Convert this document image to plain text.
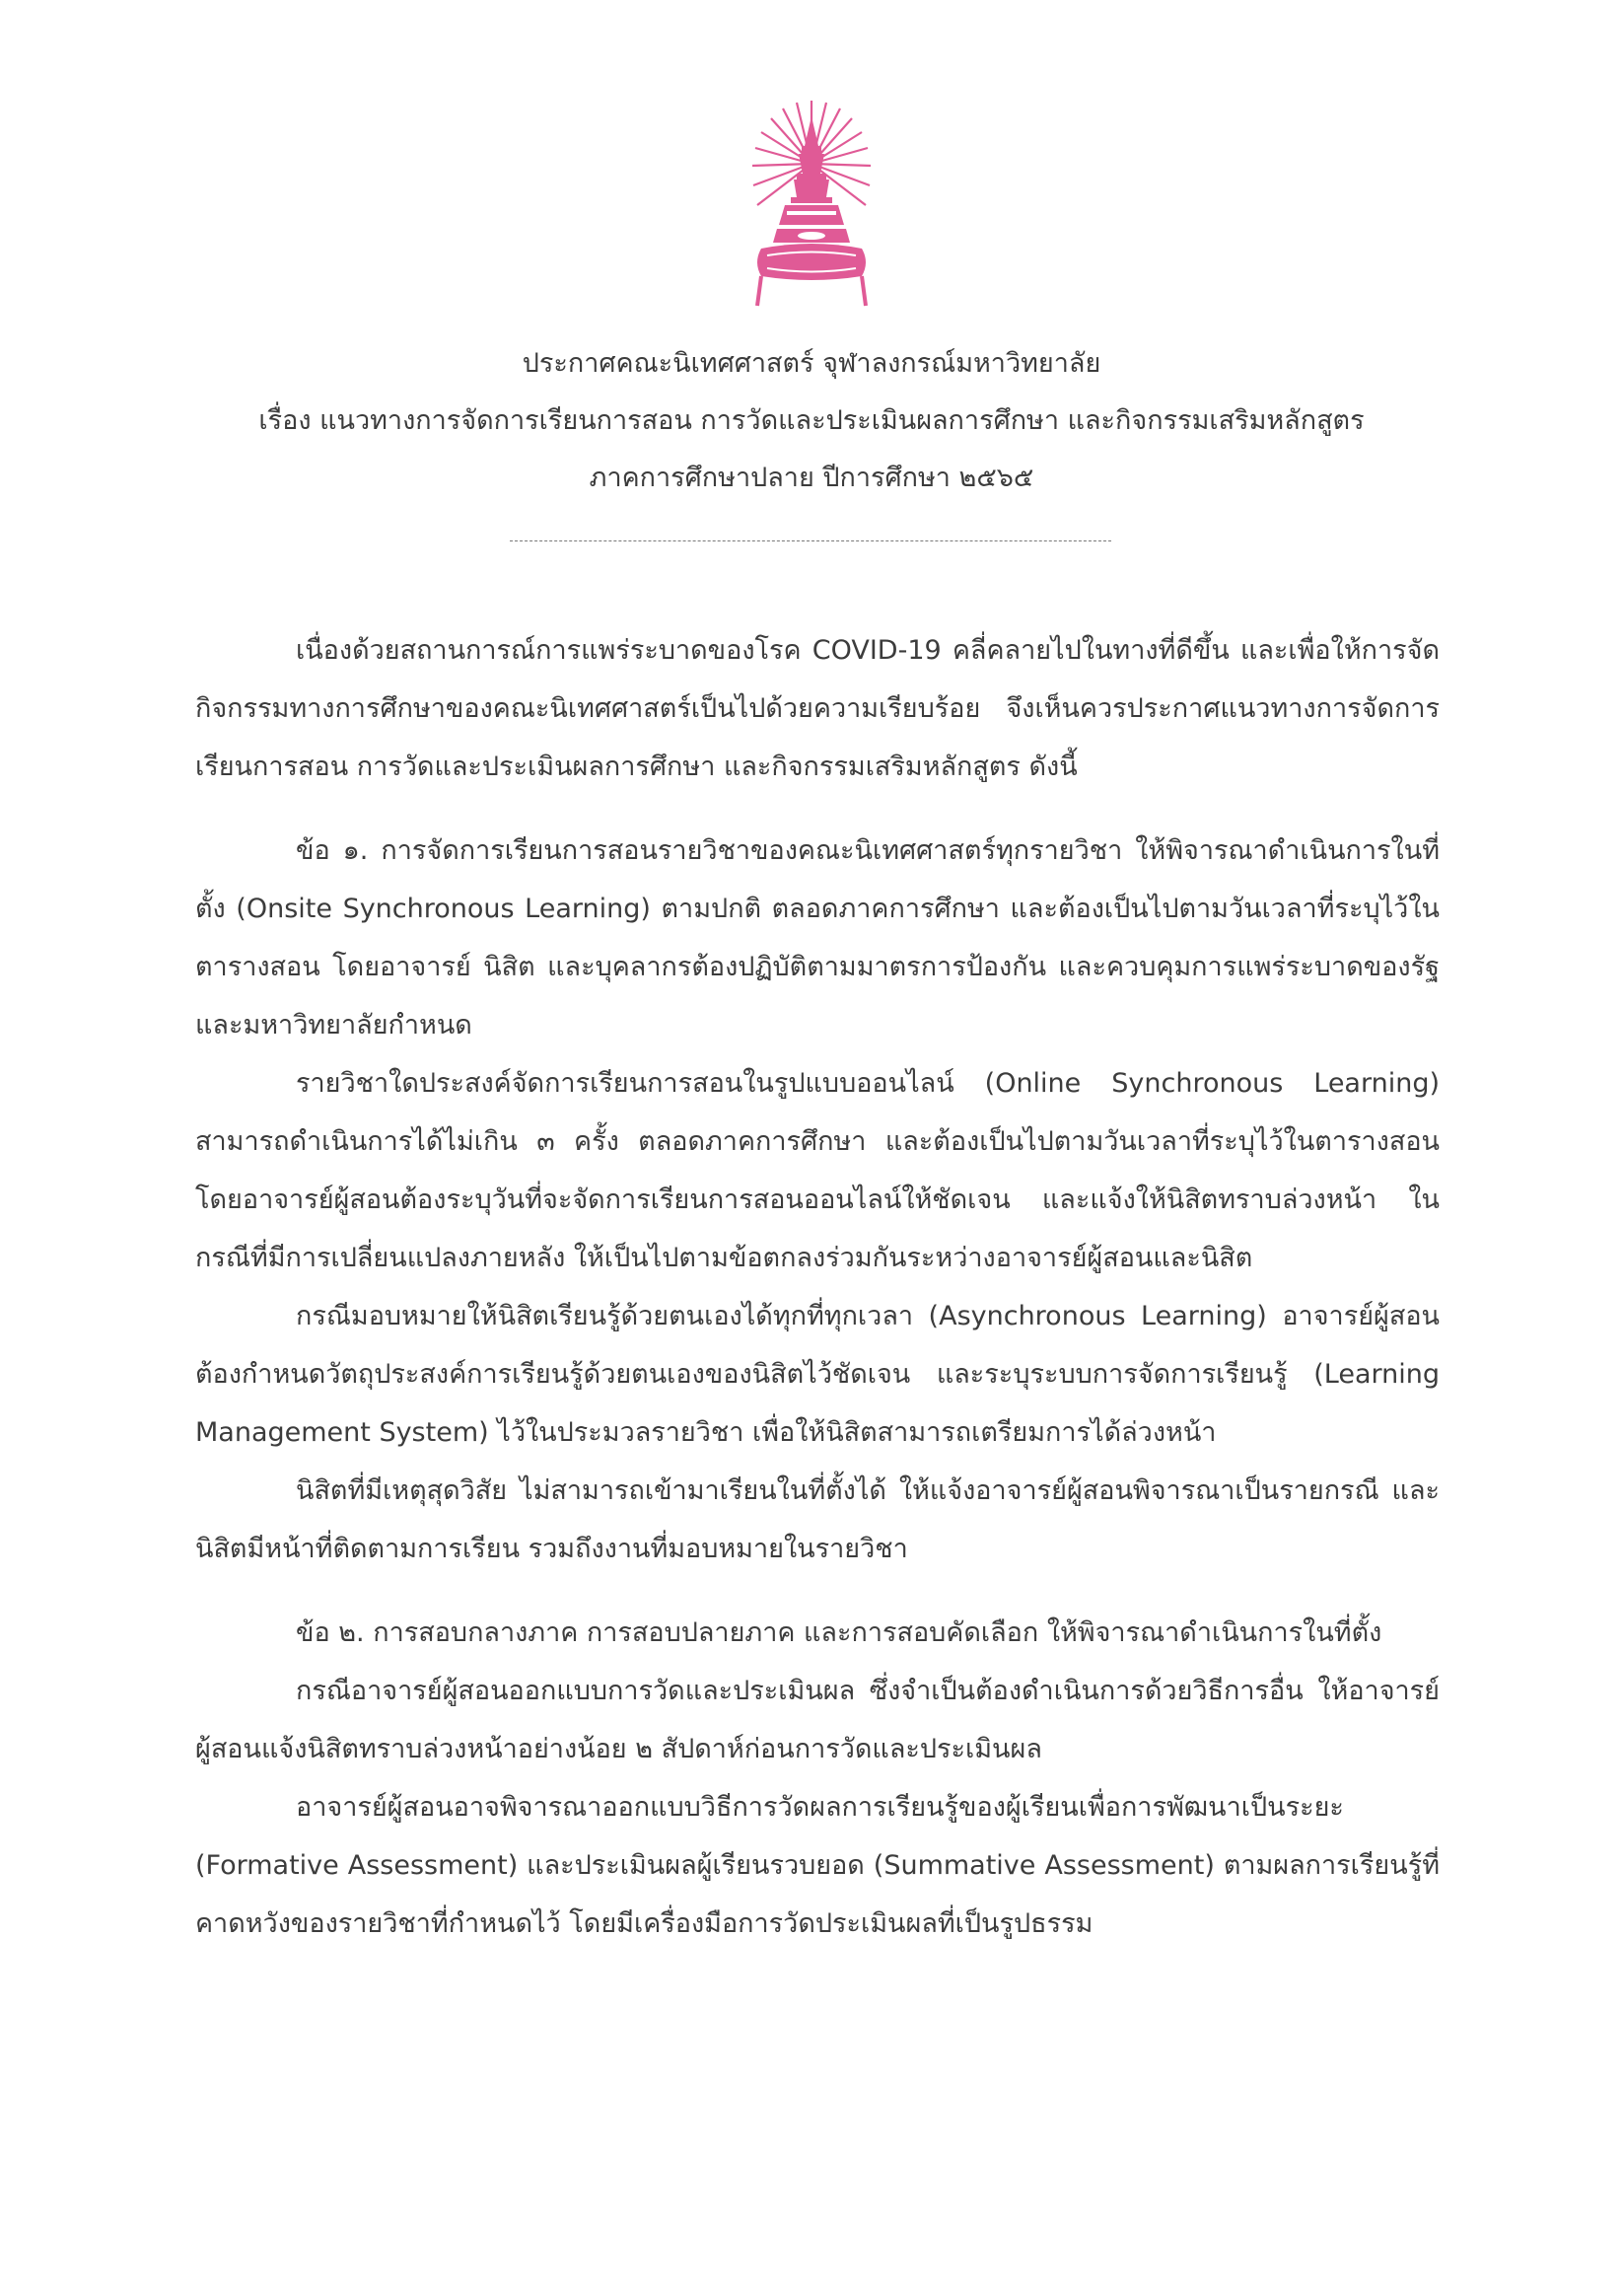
ประกาศคณะนิเทศศาสตร์ จุฬาลงกรณ์มหาวิทยาลัย
เรื่อง แนวทางการจัดการเรียนการสอน การวัดและประเมินผลการศึกษา และกิจกรรมเสริมหลักสูตร
ภาคการศึกษาปลาย ปีการศึกษา ๒๕๖๕

เนื่องด้วยสถานการณ์การแพร่ระบาดของโรค COVID-19 คลี่คลายไปในทางที่ดีขึ้น และเพื่อให้การจัดกิจกรรมทางการศึกษาของคณะนิเทศศาสตร์เป็นไปด้วยความเรียบร้อย จึงเห็นควรประกาศแนวทางการจัดการเรียนการสอน การวัดและประเมินผลการศึกษา และกิจกรรมเสริมหลักสูตร ดังนี้

ข้อ ๑. การจัดการเรียนการสอนรายวิชาของคณะนิเทศศาสตร์ทุกรายวิชา ให้พิจารณาดำเนินการในที่ตั้ง (Onsite Synchronous Learning) ตามปกติ ตลอดภาคการศึกษา และต้องเป็นไปตามวันเวลาที่ระบุไว้ในตารางสอน โดยอาจารย์ นิสิต และบุคลากรต้องปฏิบัติตามมาตรการป้องกัน และควบคุมการแพร่ระบาดของรัฐ และมหาวิทยาลัยกำหนด

รายวิชาใดประสงค์จัดการเรียนการสอนในรูปแบบออนไลน์ (Online Synchronous Learning) สามารถดำเนินการได้ไม่เกิน ๓ ครั้ง ตลอดภาคการศึกษา และต้องเป็นไปตามวันเวลาที่ระบุไว้ในตารางสอน โดยอาจารย์ผู้สอนต้องระบุวันที่จะจัดการเรียนการสอนออนไลน์ให้ชัดเจน และแจ้งให้นิสิตทราบล่วงหน้า ในกรณีที่มีการเปลี่ยนแปลงภายหลัง ให้เป็นไปตามข้อตกลงร่วมกันระหว่างอาจารย์ผู้สอนและนิสิต

กรณีมอบหมายให้นิสิตเรียนรู้ด้วยตนเองได้ทุกที่ทุกเวลา (Asynchronous Learning) อาจารย์ผู้สอนต้องกำหนดวัตถุประสงค์การเรียนรู้ด้วยตนเองของนิสิตไว้ชัดเจน และระบุระบบการจัดการเรียนรู้ (Learning Management System) ไว้ในประมวลรายวิชา เพื่อให้นิสิตสามารถเตรียมการได้ล่วงหน้า

นิสิตที่มีเหตุสุดวิสัย ไม่สามารถเข้ามาเรียนในที่ตั้งได้ ให้แจ้งอาจารย์ผู้สอนพิจารณาเป็นรายกรณี และนิสิตมีหน้าที่ติดตามการเรียน รวมถึงงานที่มอบหมายในรายวิชา

ข้อ ๒. การสอบกลางภาค การสอบปลายภาค และการสอบคัดเลือก ให้พิจารณาดำเนินการในที่ตั้ง

กรณีอาจารย์ผู้สอนออกแบบการวัดและประเมินผล ซึ่งจำเป็นต้องดำเนินการด้วยวิธีการอื่น ให้อาจารย์ผู้สอนแจ้งนิสิตทราบล่วงหน้าอย่างน้อย ๒ สัปดาห์ก่อนการวัดและประเมินผล

อาจารย์ผู้สอนอาจพิจารณาออกแบบวิธีการวัดผลการเรียนรู้ของผู้เรียนเพื่อการพัฒนาเป็นระยะ (Formative Assessment) และประเมินผลผู้เรียนรวบยอด (Summative Assessment) ตามผลการเรียนรู้ที่คาดหวังของรายวิชาที่กำหนดไว้ โดยมีเครื่องมือการวัดประเมินผลที่เป็นรูปธรรม
